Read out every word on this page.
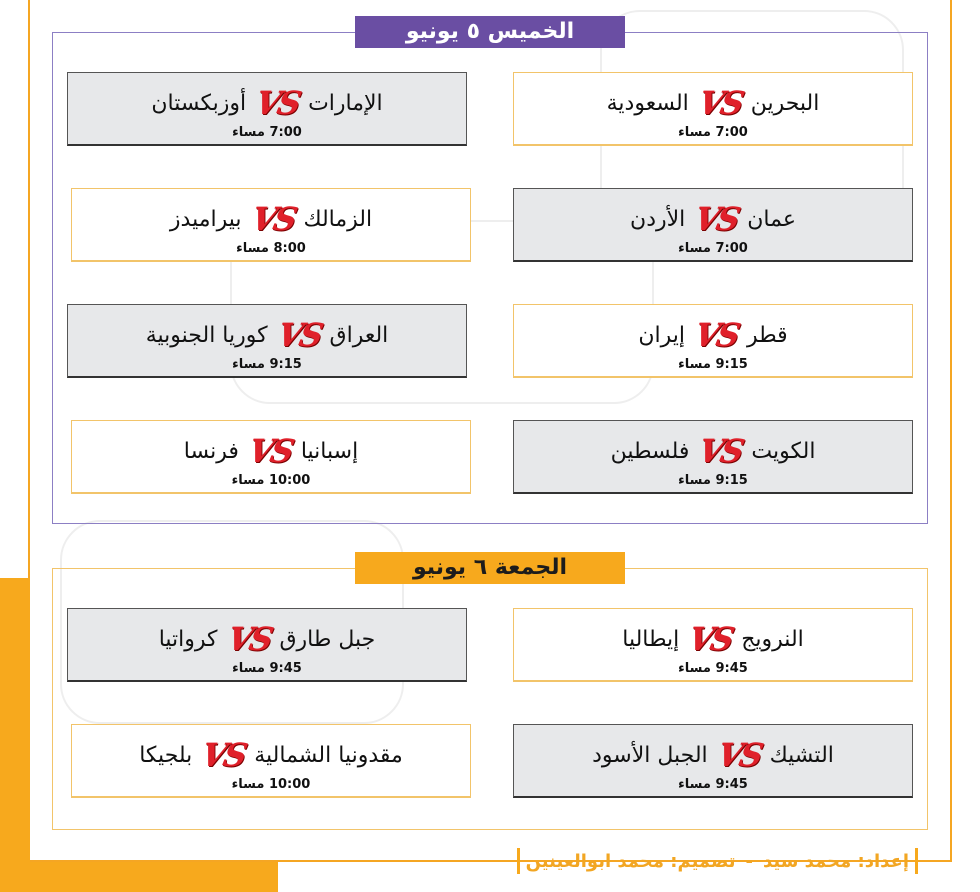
الخميس ٥ يونيو
البحرين
VS
السعودية
7:00 مساء
الإمارات
VS
أوزبكستان
7:00 مساء
عمان
VS
الأردن
7:00 مساء
الزمالك
VS
بيراميدز
8:00 مساء
قطر
VS
إيران
9:15 مساء
العراق
VS
كوريا الجنوبية
9:15 مساء
الكويت
VS
فلسطين
9:15 مساء
إسبانيا
VS
فرنسا
10:00 مساء
الجمعة ٦ يونيو
النرويج
VS
إيطاليا
9:45 مساء
جبل طارق
VS
كرواتيا
9:45 مساء
التشيك
VS
الجبل الأسود
9:45 مساء
مقدونيا الشمالية
VS
بلجيكا
10:00 مساء
إعداد: محمد سيد
-
تصميم: محمد ابوالعينين
